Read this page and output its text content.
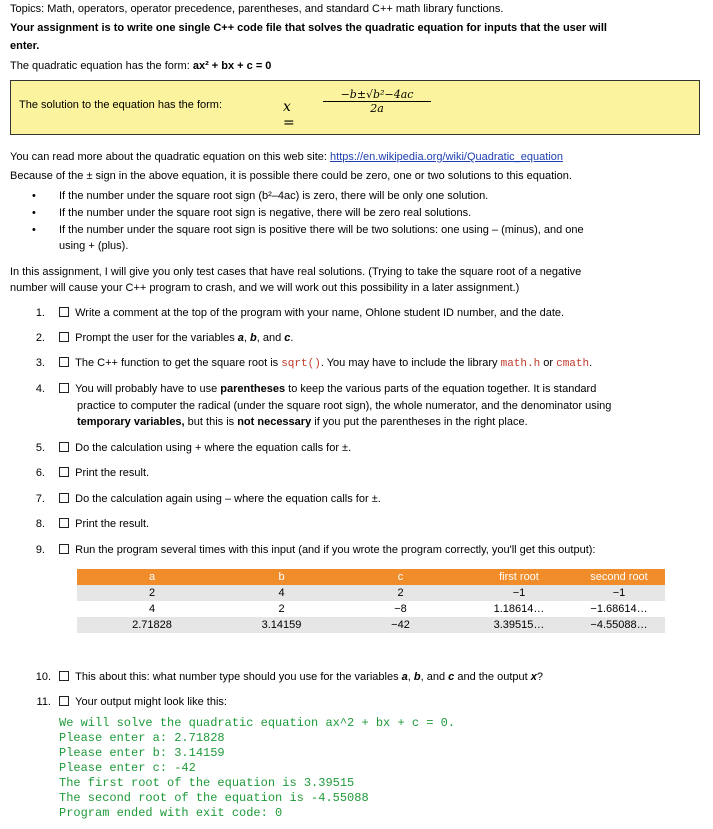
Topics: Math, operators, operator precedence, parentheses, and standard C++ math library functions.
Your assignment is to write one single C++ code file that solves the quadratic equation for inputs that the user will
enter.
The quadratic equation has the form: ax² + bx + c = 0
The solution to the equation has the form:	x =
$\frac{\text{−b±√b²−4ac}}{2a}$
You can read more about the quadratic equation on this web site: https://en.wikipedia.org/wiki/Quadratic_equation
Because of the ± sign in the above equation, it is possible there could be zero, one or two solutions to this equation.
• If the number under the square root sign (b²–4ac) is zero, there will be only one solution.
• If the number under the square root sign is negative, there will be zero real solutions.
• If the number under the square root sign is positive there will be two solutions: one using – (minus), and one
using + (plus).
In this assignment, I will give you only test cases that have real solutions. (Trying to take the square root of a negative
number will cause your C++ program to crash, and we will work out this possibility in a later assignment.)
1.	Write a comment at the top of the program with your name, Ohlone student ID number, and the date.
2.	Prompt the user for the variables a, b, and c.
3.	The C++ function to get the square root is sqrt(). You may have to include the library math.h or cmath.
4.	You will probably have to use parentheses to keep the various parts of the equation together. It is standard
practice to computer the radical (under the square root sign), the whole numerator, and the denominator using
temporary variables, but this is not necessary if you put the parentheses in the right place.
5.	Do the calculation using + where the equation calls for ±.
6.	Print the result.
7.	Do the calculation again using – where the equation calls for ±.
8.	Print the result.
9.	Run the program several times with this input (and if you wrote the program correctly, you'll get this output):
a	b	c	first root	second root
2	4	2	−1	−1
4	2	−8	1.18614…	−1.68614…
2.71828	3.14159	−42	3.39515…	−4.55088…
10.	This about this: what number type should you use for the variables a, b, and c and the output x?
11.	Your output might look like this:
We will solve the quadratic equation ax^2 + bx + c = 0.
Please enter a: 2.71828
Please enter b: 3.14159
Please enter c: -42
The first root of the equation is 3.39515
The second root of the equation is -4.55088
Program ended with exit code: 0
